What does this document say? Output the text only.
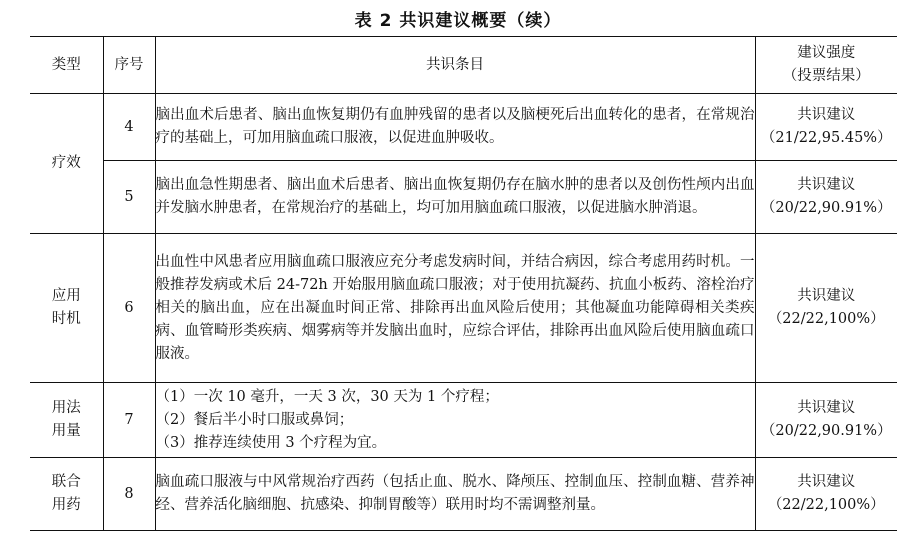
表 2 共识建议概要（续）
类型	序号	共识条目	建议强度
（投票结果）

疗效	4	脑出血术后患者、脑出血恢复期仍有血肿残留的患者以及脑梗死后出血转化的患者，在常规治疗的基础上，可加用脑血疏口服液，以促进血肿吸收。	共识建议
（21/22,95.45%）

	5	脑出血急性期患者、脑出血术后患者、脑出血恢复期仍存在脑水肿的患者以及创伤性颅内出血并发脑水肿患者，在常规治疗的基础上，均可加用脑血疏口服液，以促进脑水肿消退。	共识建议
（20/22,90.91%）

应用
时机	6	出血性中风患者应用脑血疏口服液应充分考虑发病时间，并结合病因，综合考虑用药时机。一般推荐发病或术后 24-72h 开始服用脑血疏口服液；对于使用抗凝药、抗血小板药、溶栓治疗相关的脑出血，应在出凝血时间正常、排除再出血风险后使用；其他凝血功能障碍相关类疾病、血管畸形类疾病、烟雾病等并发脑出血时，应综合评估，排除再出血风险后使用脑血疏口服液。	共识建议
（22/22,100%）

用法
用量	7	（1）一次 10 毫升，一天 3 次，30 天为 1 个疗程；
（2）餐后半小时口服或鼻饲；
（3）推荐连续使用 3 个疗程为宜。	共识建议
（20/22,90.91%）

联合
用药	8	脑血疏口服液与中风常规治疗西药（包括止血、脱水、降颅压、控制血压、控制血糖、营养神经、营养活化脑细胞、抗感染、抑制胃酸等）联用时均不需调整剂量。	共识建议
（22/22,100%）
